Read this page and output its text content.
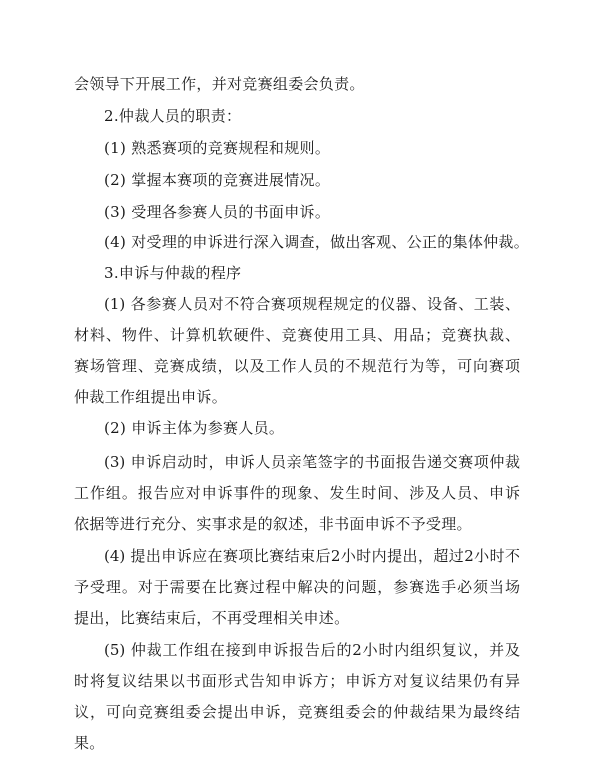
会领导下开展工作，并对竞赛组委会负责。
2.仲裁人员的职责：
(1) 熟悉赛项的竞赛规程和规则。
(2) 掌握本赛项的竞赛进展情况。
(3) 受理各参赛人员的书面申诉。
(4) 对受理的申诉进行深入调查，做出客观、公正的集体仲裁。
3.申诉与仲裁的程序
(1) 各参赛人员对不符合赛项规程规定的仪器、设备、工装、
材料、物件、计算机软硬件、竞赛使用工具、用品；竞赛执裁、
赛场管理、竞赛成绩，以及工作人员的不规范行为等，可向赛项
仲裁工作组提出申诉。
(2) 申诉主体为参赛人员。
(3) 申诉启动时，申诉人员亲笔签字的书面报告递交赛项仲裁
工作组。报告应对申诉事件的现象、发生时间、涉及人员、申诉
依据等进行充分、实事求是的叙述，非书面申诉不予受理。
(4) 提出申诉应在赛项比赛结束后2小时内提出，超过2小时不
予受理。对于需要在比赛过程中解决的问题，参赛选手必须当场
提出，比赛结束后，不再受理相关申述。
(5) 仲裁工作组在接到申诉报告后的2小时内组织复议，并及
时将复议结果以书面形式告知申诉方；申诉方对复议结果仍有异
议，可向竞赛组委会提出申诉，竞赛组委会的仲裁结果为最终结
果。
